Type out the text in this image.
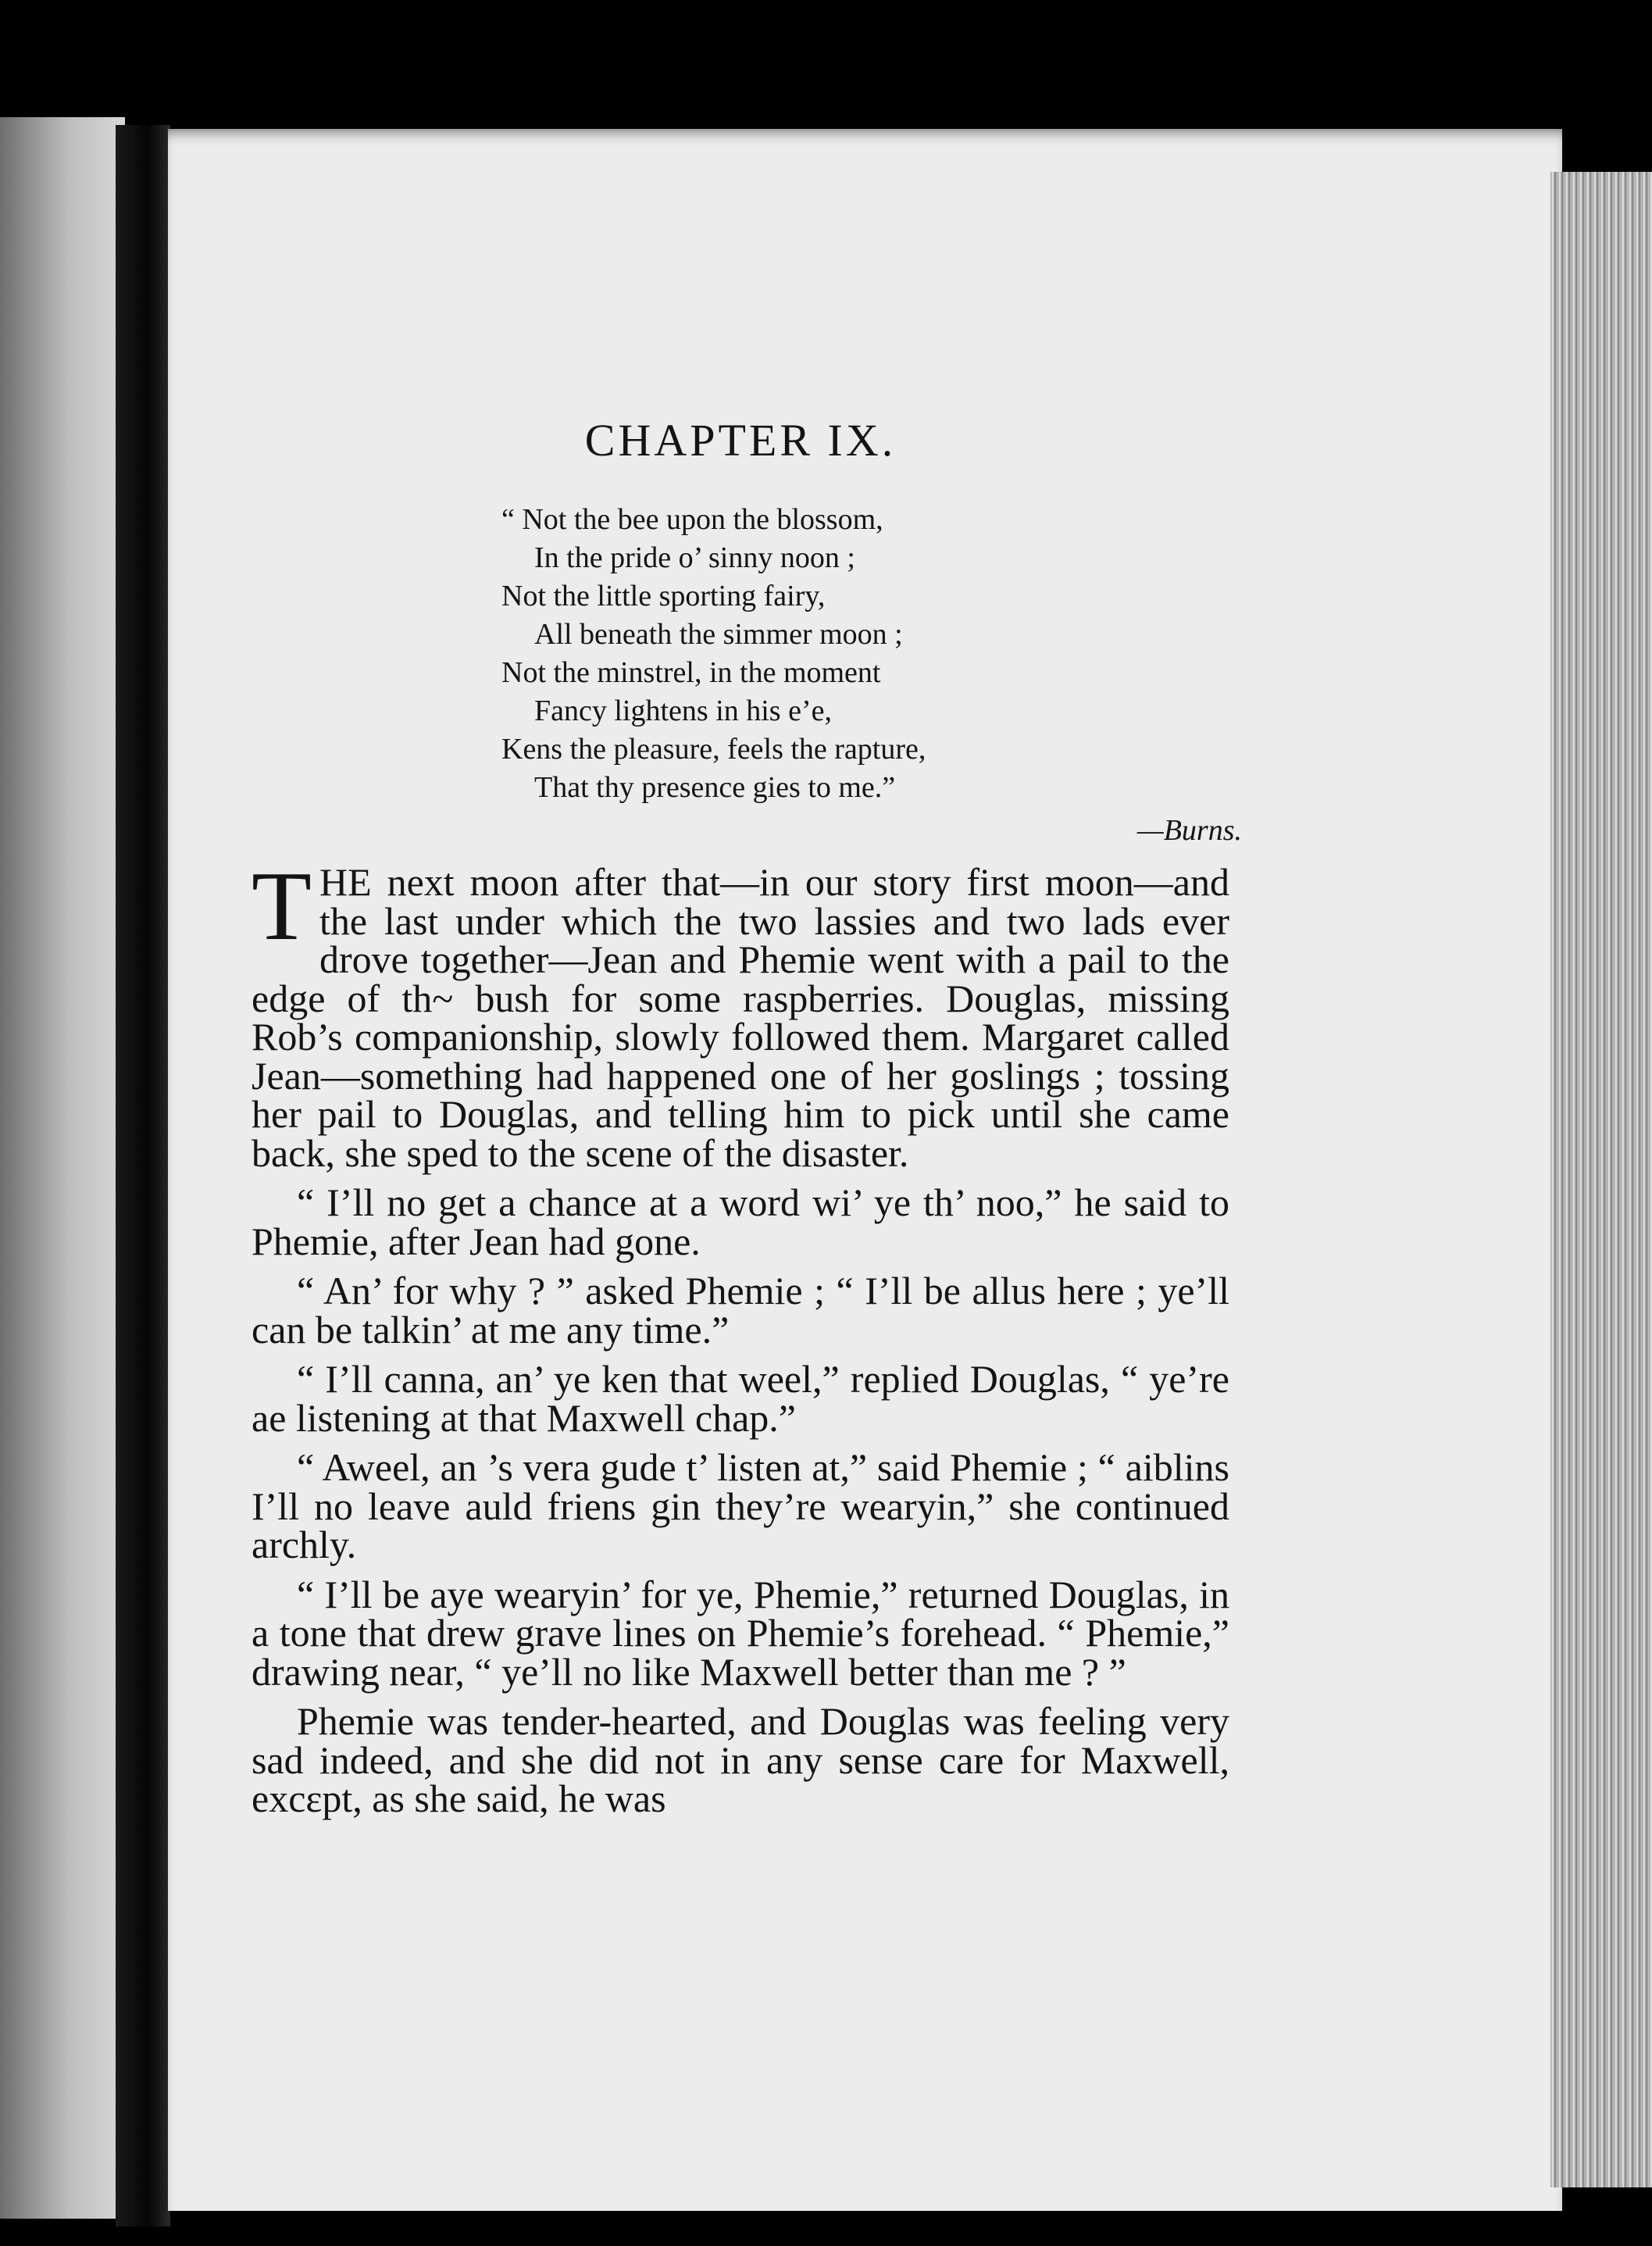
CHAPTER IX.
“ Not the bee upon the blossom,
In the pride o’ sinny noon ;
Not the little sporting fairy,
All beneath the simmer moon ;
Not the minstrel, in the moment
Fancy lightens in his e’e,
Kens the pleasure, feels the rapture,
That thy presence gies to me.”
—Burns.

THE next moon after that—in our story first moon—and the last under which the two lassies and two lads ever drove together—Jean and Phemie went with a pail to the edge of th~ bush for some raspberries. Douglas, missing Rob’s companionship, slowly followed them. Margaret called Jean—something had happened one of her goslings ; tossing her pail to Douglas, and telling him to pick until she came back, she sped to the scene of the disaster.

“ I’ll no get a chance at a word wi’ ye th’ noo,” he said to Phemie, after Jean had gone.

“ An’ for why ? ” asked Phemie ; “ I’ll be allus here ; ye’ll can be talkin’ at me any time.”

“ I’ll canna, an’ ye ken that weel,” replied Douglas, “ ye’re ae listening at that Maxwell chap.”

“ Aweel, an ’s vera gude t’ listen at,” said Phemie ; “ aiblins I’ll no leave auld friens gin they’re wearyin,” she continued archly.

“ I’ll be aye wearyin’ for ye, Phemie,” returned Douglas, in a tone that drew grave lines on Phemie’s forehead. “ Phemie,” drawing near, “ ye’ll no like Maxwell better than me ? ”

Phemie was tender-hearted, and Douglas was feeling very sad indeed, and she did not in any sense care for Maxwell, excεpt, as she said, he was
